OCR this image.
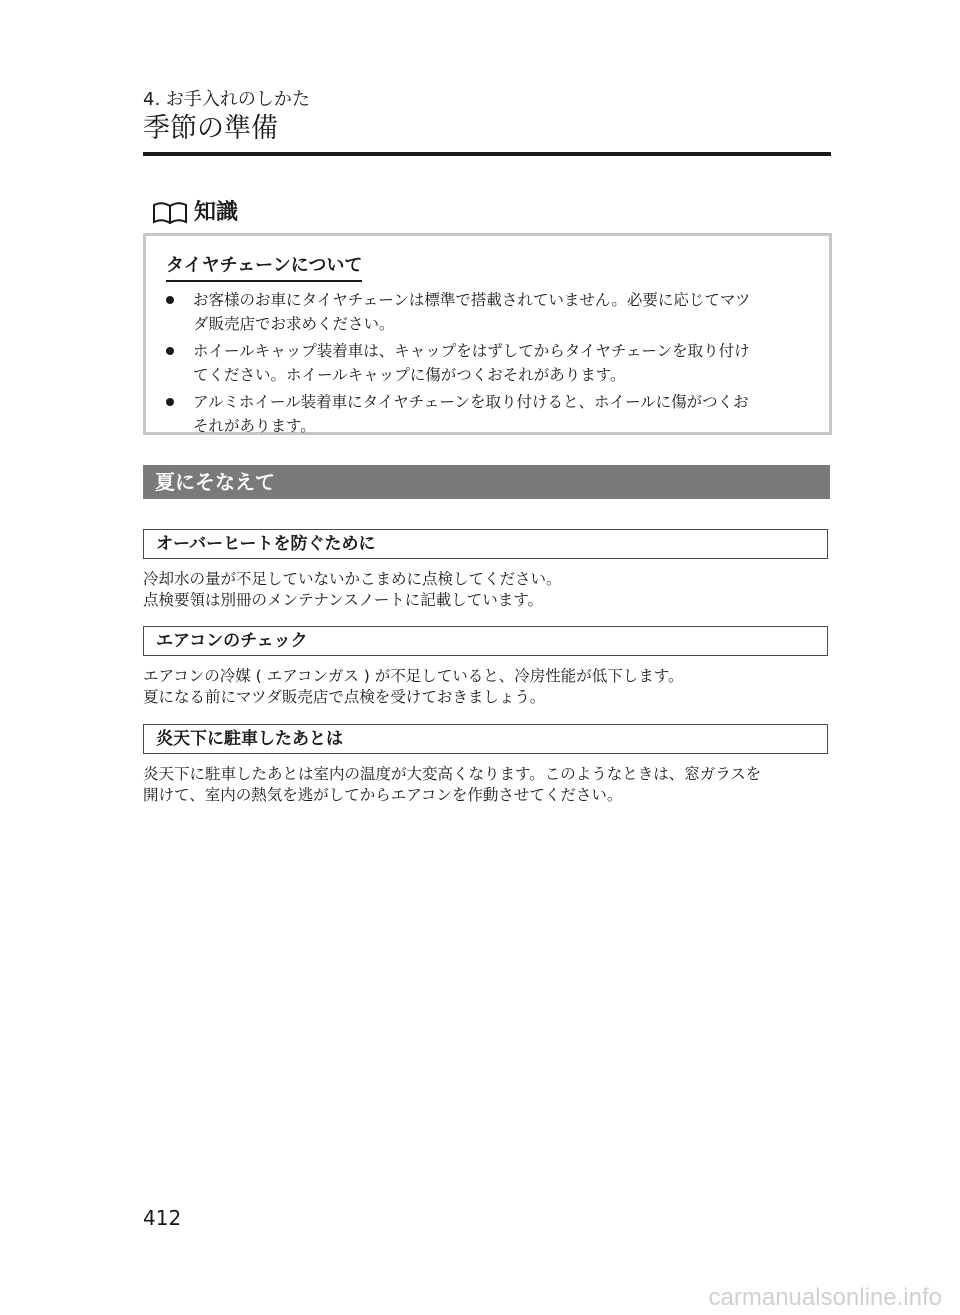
4. お手入れのしかた
季節の準備
知識
タイヤチェーンについて
お客様のお車にタイヤチェーンは標準で搭載されていません。必要に応じてマツ
ダ販売店でお求めください。
ホイールキャップ装着車は、キャップをはずしてからタイヤチェーンを取り付け
てください。ホイールキャップに傷がつくおそれがあります。
アルミホイール装着車にタイヤチェーンを取り付けると、ホイールに傷がつくお
それがあります。
夏にそなえて
オーバーヒートを防ぐために

冷却水の量が不足していないかこまめに点検してください。
点検要領は別冊のメンテナンスノートに記載しています。

エアコンのチェック

エアコンの冷媒 ( エアコンガス ) が不足していると、冷房性能が低下します。
夏になる前にマツダ販売店で点検を受けておきましょう。

炎天下に駐車したあとは

炎天下に駐車したあとは室内の温度が大変高くなります。このようなときは、窓ガラスを
開けて、室内の熱気を逃がしてからエアコンを作動させてください。

412
carmanualsonline.info
